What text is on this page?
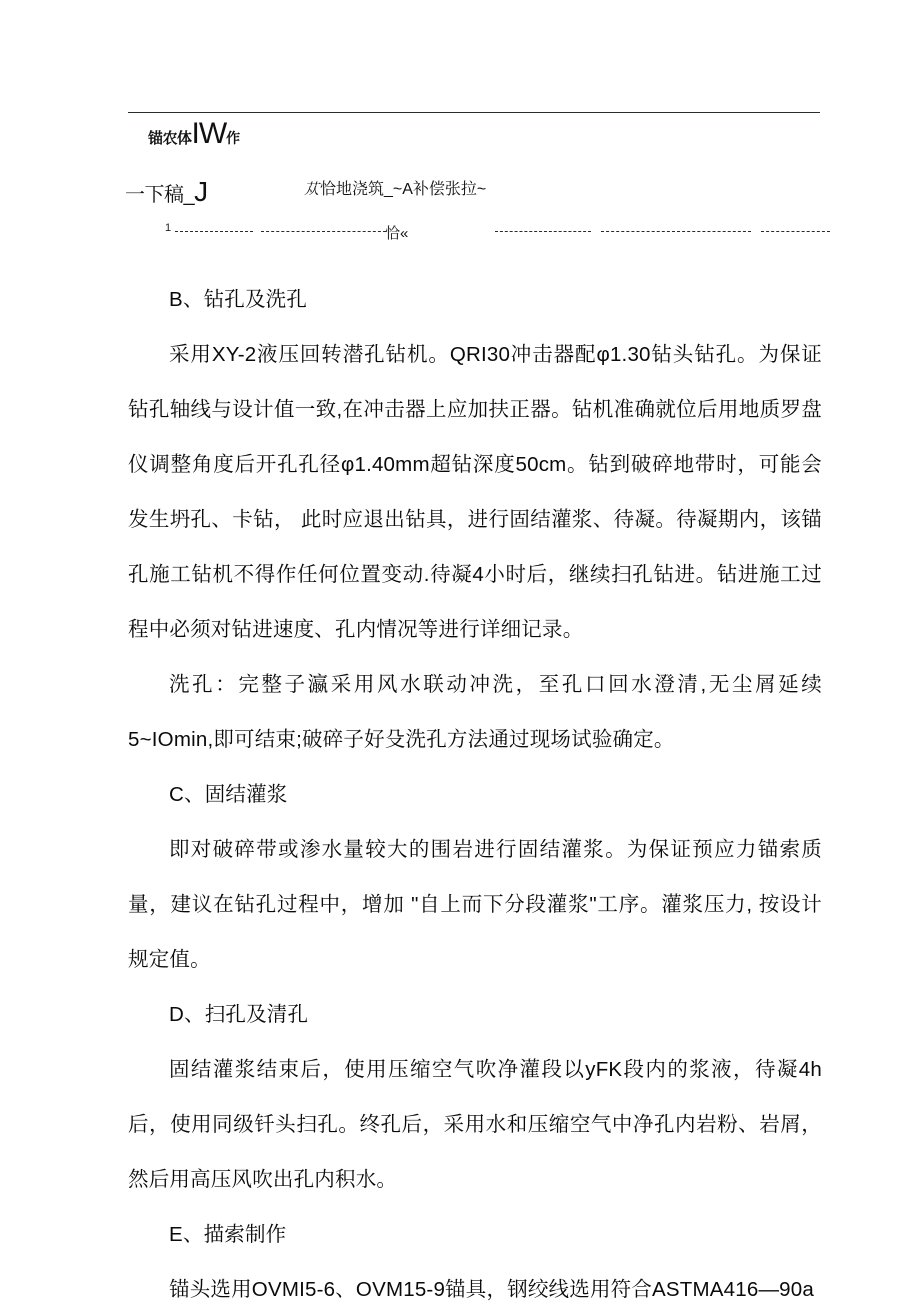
锚农体IW作
一下稿_J	苁恰地浇筑_~A补偿张拉~
1	恰«
B、钻孔及洗孔

采用XY-2液压回转潜孔钻机。QRI30冲击器配φ1.30钻头钻孔。为保证钻孔轴线与设计值一致,在冲击器上应加扶正器。钻机准确就位后用地质罗盘仪调整角度后开孔孔径φ1.40mm超钻深度50cm。钻到破碎地带时，可能会发生坍孔、卡钻， 此时应退出钻具，进行固结灌浆、待凝。待凝期内，该锚孔施工钻机不得作任何位置变动.待凝4小时后，继续扫孔钻进。钻进施工过程中必须对钻进速度、孔内情况等进行详细记录。

洗孔：完整子瀛采用风水联动冲洗，至孔口回水澄清,无尘屑延续5~IOmin,即可结束;破碎子好殳洗孔方法通过现场试验确定。

C、固结灌浆

即对破碎带或渗水量较大的围岩进行固结灌浆。为保证预应力锚索质量，建议在钻孔过程中，增加 "自上而下分段灌浆"工序。灌浆压力, 按设计规定值。

D、扫孔及清孔

固结灌浆结束后，使用压缩空气吹净灌段以yFK段内的浆液，待凝4h后，使用同级钎头扫孔。终孔后，采用水和压缩空气中净孔内岩粉、岩屑，然后用高压风吹出孔内积水。

E、描索制作

锚头选用OVMI5-6、OVM15-9锚具，钢绞线选用符合ASTMA416—90a
